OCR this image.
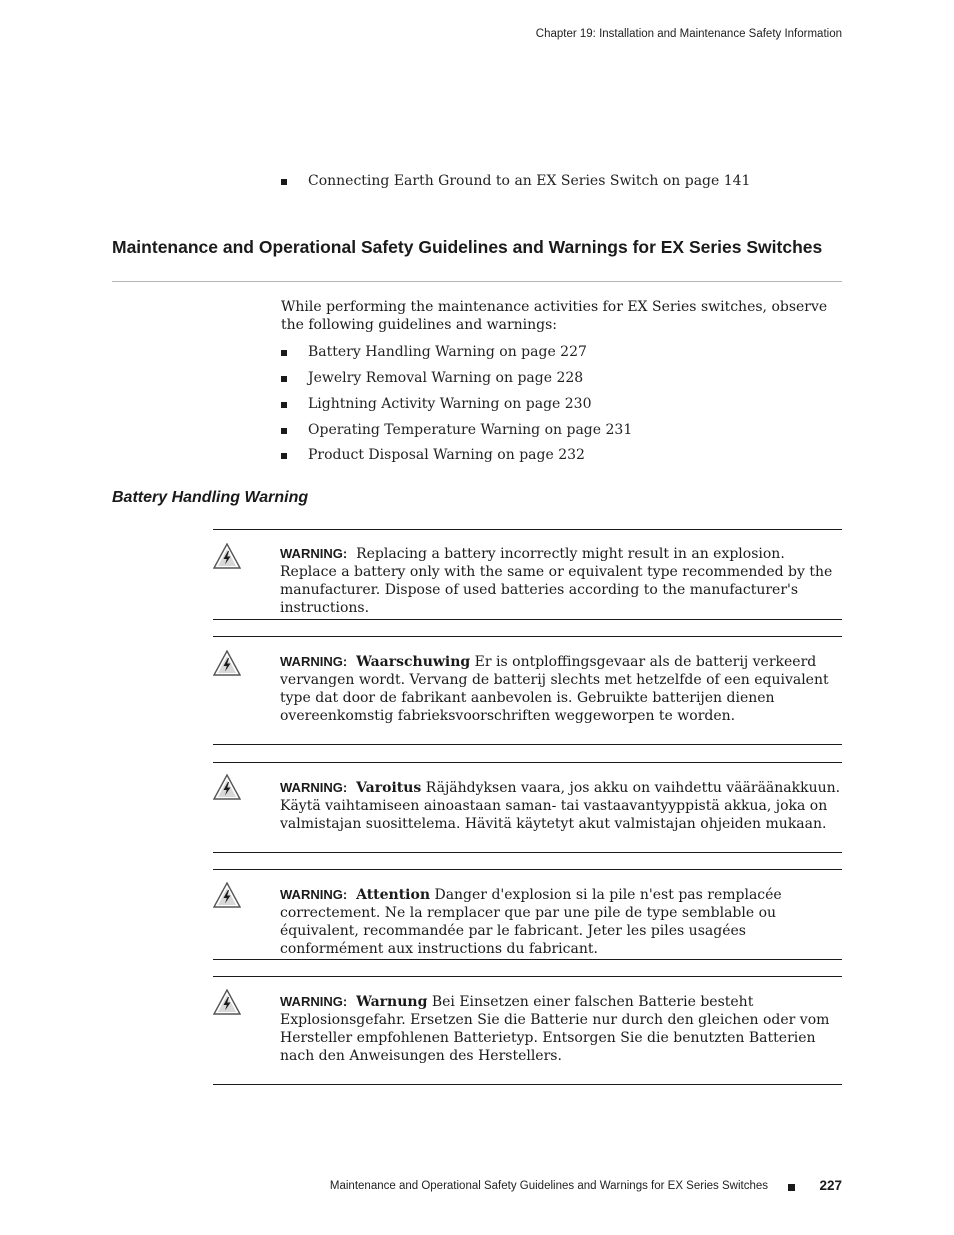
Chapter 19: Installation and Maintenance Safety Information
Connecting Earth Ground to an EX Series Switch on page 141
Maintenance and Operational Safety Guidelines and Warnings for EX Series Switches
While performing the maintenance activities for EX Series switches, observe the following guidelines and warnings:
Battery Handling Warning on page 227
Jewelry Removal Warning on page 228
Lightning Activity Warning on page 230
Operating Temperature Warning on page 231
Product Disposal Warning on page 232
Battery Handling Warning
WARNING: Replacing a battery incorrectly might result in an explosion. Replace a battery only with the same or equivalent type recommended by the manufacturer. Dispose of used batteries according to the manufacturer's instructions.
WARNING: Waarschuwing Er is ontploffingsgevaar als de batterij verkeerd vervangen wordt. Vervang de batterij slechts met hetzelfde of een equivalent type dat door de fabrikant aanbevolen is. Gebruikte batterijen dienen overeenkomstig fabrieksvoorschriften weggeworpen te worden.
WARNING: Varoitus Räjähdyksen vaara, jos akku on vaihdettu vääräänakkuun. Käytä vaihtamiseen ainoastaan saman- tai vastaavantyyppistä akkua, joka on valmistajan suosittelema. Hävitä käytetyt akut valmistajan ohjeiden mukaan.
WARNING: Attention Danger d'explosion si la pile n'est pas remplacée correctement. Ne la remplacer que par une pile de type semblable ou équivalent, recommandée par le fabricant. Jeter les piles usagées conformément aux instructions du fabricant.
WARNING: Warnung Bei Einsetzen einer falschen Batterie besteht Explosionsgefahr. Ersetzen Sie die Batterie nur durch den gleichen oder vom Hersteller empfohlenen Batterietyp. Entsorgen Sie die benutzten Batterien nach den Anweisungen des Herstellers.
Maintenance and Operational Safety Guidelines and Warnings for EX Series Switches	227
